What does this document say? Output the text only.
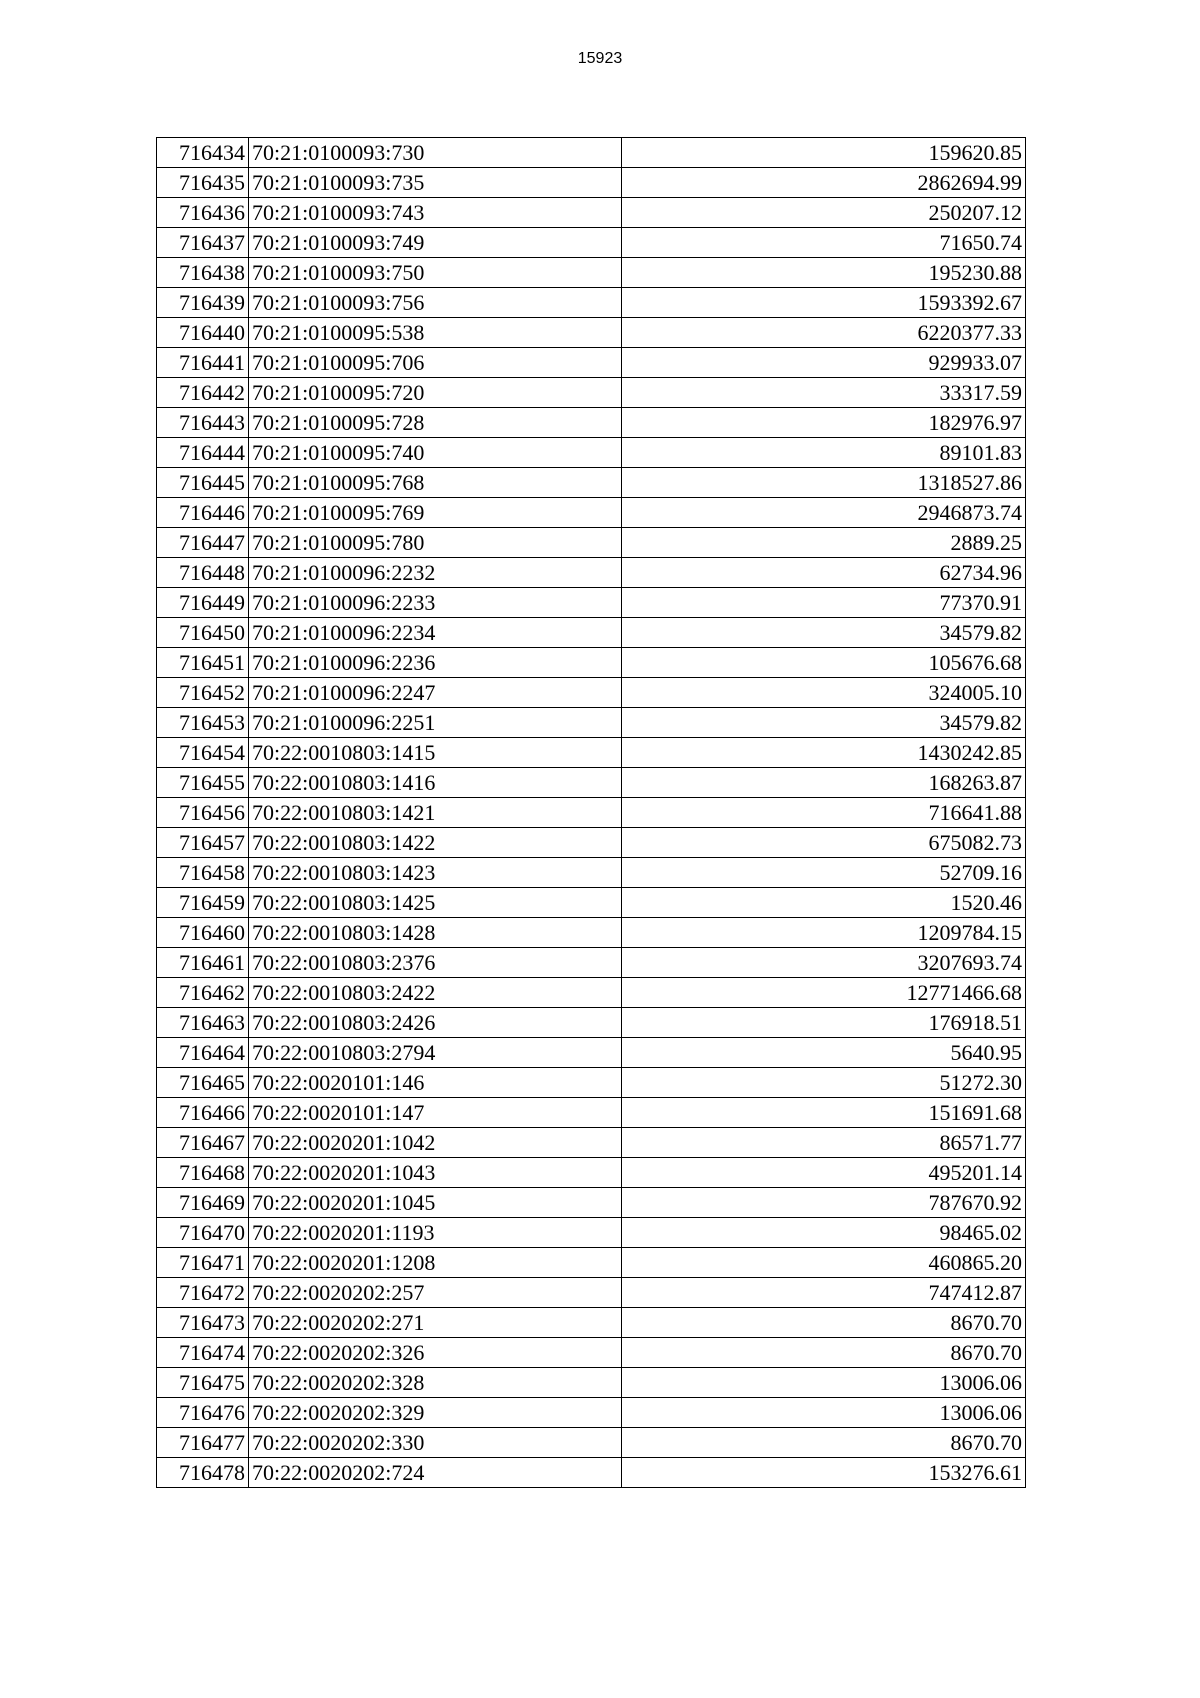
15923
716434	70:21:0100093:730	159620.85
716435	70:21:0100093:735	2862694.99
716436	70:21:0100093:743	250207.12
716437	70:21:0100093:749	71650.74
716438	70:21:0100093:750	195230.88
716439	70:21:0100093:756	1593392.67
716440	70:21:0100095:538	6220377.33
716441	70:21:0100095:706	929933.07
716442	70:21:0100095:720	33317.59
716443	70:21:0100095:728	182976.97
716444	70:21:0100095:740	89101.83
716445	70:21:0100095:768	1318527.86
716446	70:21:0100095:769	2946873.74
716447	70:21:0100095:780	2889.25
716448	70:21:0100096:2232	62734.96
716449	70:21:0100096:2233	77370.91
716450	70:21:0100096:2234	34579.82
716451	70:21:0100096:2236	105676.68
716452	70:21:0100096:2247	324005.10
716453	70:21:0100096:2251	34579.82
716454	70:22:0010803:1415	1430242.85
716455	70:22:0010803:1416	168263.87
716456	70:22:0010803:1421	716641.88
716457	70:22:0010803:1422	675082.73
716458	70:22:0010803:1423	52709.16
716459	70:22:0010803:1425	1520.46
716460	70:22:0010803:1428	1209784.15
716461	70:22:0010803:2376	3207693.74
716462	70:22:0010803:2422	12771466.68
716463	70:22:0010803:2426	176918.51
716464	70:22:0010803:2794	5640.95
716465	70:22:0020101:146	51272.30
716466	70:22:0020101:147	151691.68
716467	70:22:0020201:1042	86571.77
716468	70:22:0020201:1043	495201.14
716469	70:22:0020201:1045	787670.92
716470	70:22:0020201:1193	98465.02
716471	70:22:0020201:1208	460865.20
716472	70:22:0020202:257	747412.87
716473	70:22:0020202:271	8670.70
716474	70:22:0020202:326	8670.70
716475	70:22:0020202:328	13006.06
716476	70:22:0020202:329	13006.06
716477	70:22:0020202:330	8670.70
716478	70:22:0020202:724	153276.61
